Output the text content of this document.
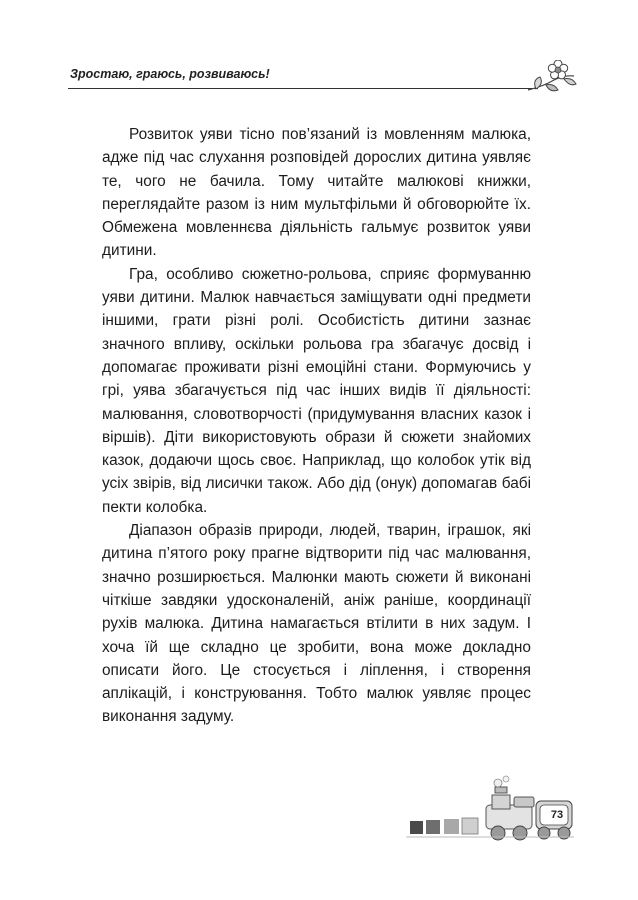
Зростаю, граюсь, розвиваюсь!

Розвиток уяви тісно пов’язаний із мовленням малюка, адже під час слухання розповідей дорослих дитина уявляє те, чого не бачила. Тому читайте малюкові книжки, переглядайте разом із ним мультфільми й обговорюйте їх. Обмежена мовленнєва діяльність гальмує розвиток уяви дитини.

Гра, особливо сюжетно-рольова, сприяє формуванню уяви дитини. Малюк навчається заміщувати одні предмети іншими, грати різні ролі. Особистість дитини зазнає значного впливу, оскільки рольова гра збагачує досвід і допомагає проживати різні емоційні стани. Формуючись у грі, уява збагачується під час інших видів її діяльності: малювання, словотворчості (придумування власних казок і віршів). Діти використовують образи й сюжети знайомих казок, додаючи щось своє. Наприклад, що колобок утік від усіх звірів, від лисички також. Або дід (онук) допомагав бабі пекти колобка.

Діапазон образів природи, людей, тварин, іграшок, які дитина п’ятого року прагне відтворити під час малювання, значно розширюється. Малюнки мають сюжети й виконані чіткіше завдяки удосконаленій, аніж раніше, координації рухів малюка. Дитина намагається втілити в них задум. І хоча їй ще складно це зробити, вона може докладно описати його. Це стосується і ліплення, і створення аплікацій, і конструювання. Тобто малюк уявляє процес виконання задуму.

73
